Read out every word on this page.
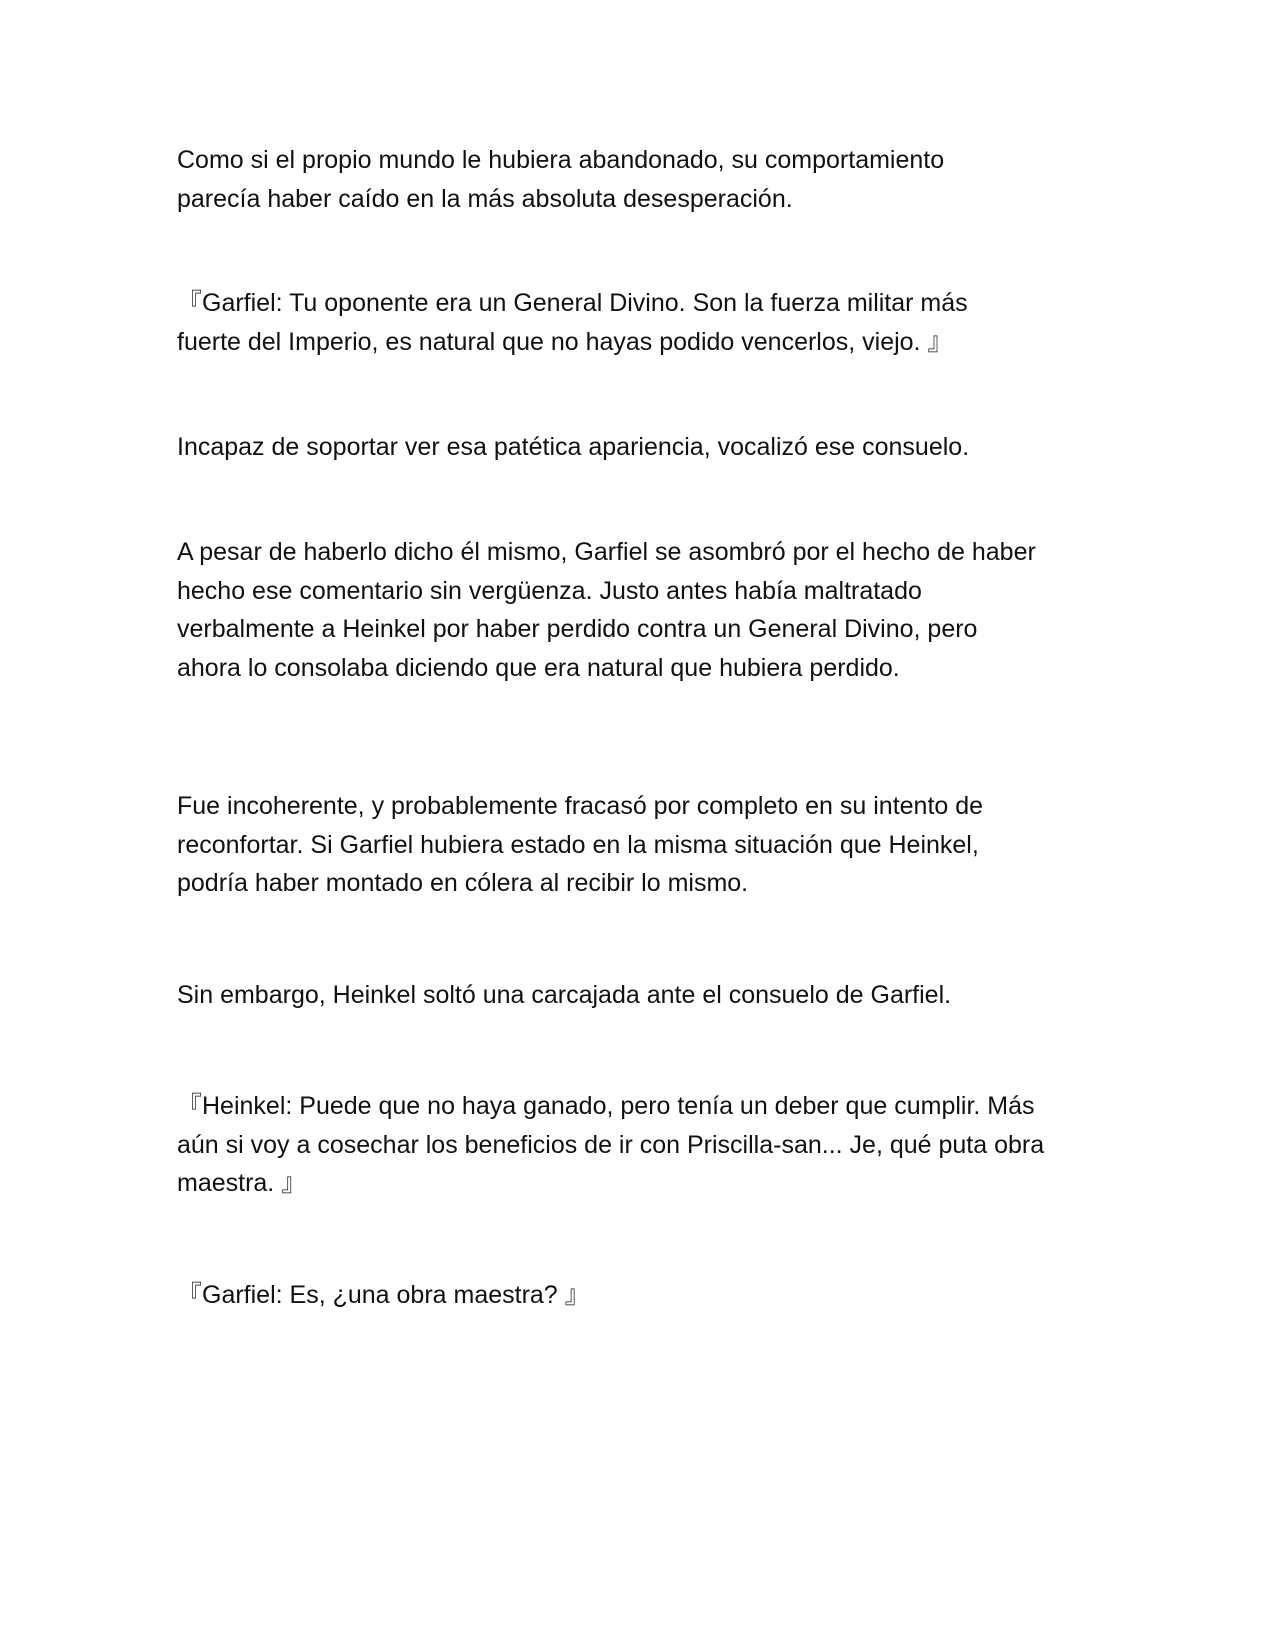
Como si el propio mundo le hubiera abandonado, su comportamiento
parecía haber caído en la más absoluta desesperación.

『Garfiel: Tu oponente era un General Divino. Son la fuerza militar más
fuerte del Imperio, es natural que no hayas podido vencerlos, viejo. 』

Incapaz de soportar ver esa patética apariencia, vocalizó ese consuelo.

A pesar de haberlo dicho él mismo, Garfiel se asombró por el hecho de haber
hecho ese comentario sin vergüenza. Justo antes había maltratado
verbalmente a Heinkel por haber perdido contra un General Divino, pero
ahora lo consolaba diciendo que era natural que hubiera perdido.

Fue incoherente, y probablemente fracasó por completo en su intento de
reconfortar. Si Garfiel hubiera estado en la misma situación que Heinkel,
podría haber montado en cólera al recibir lo mismo.

Sin embargo, Heinkel soltó una carcajada ante el consuelo de Garfiel.

『Heinkel: Puede que no haya ganado, pero tenía un deber que cumplir. Más
aún si voy a cosechar los beneficios de ir con Priscilla-san... Je, qué puta obra
maestra. 』

『Garfiel: Es, ¿una obra maestra? 』
